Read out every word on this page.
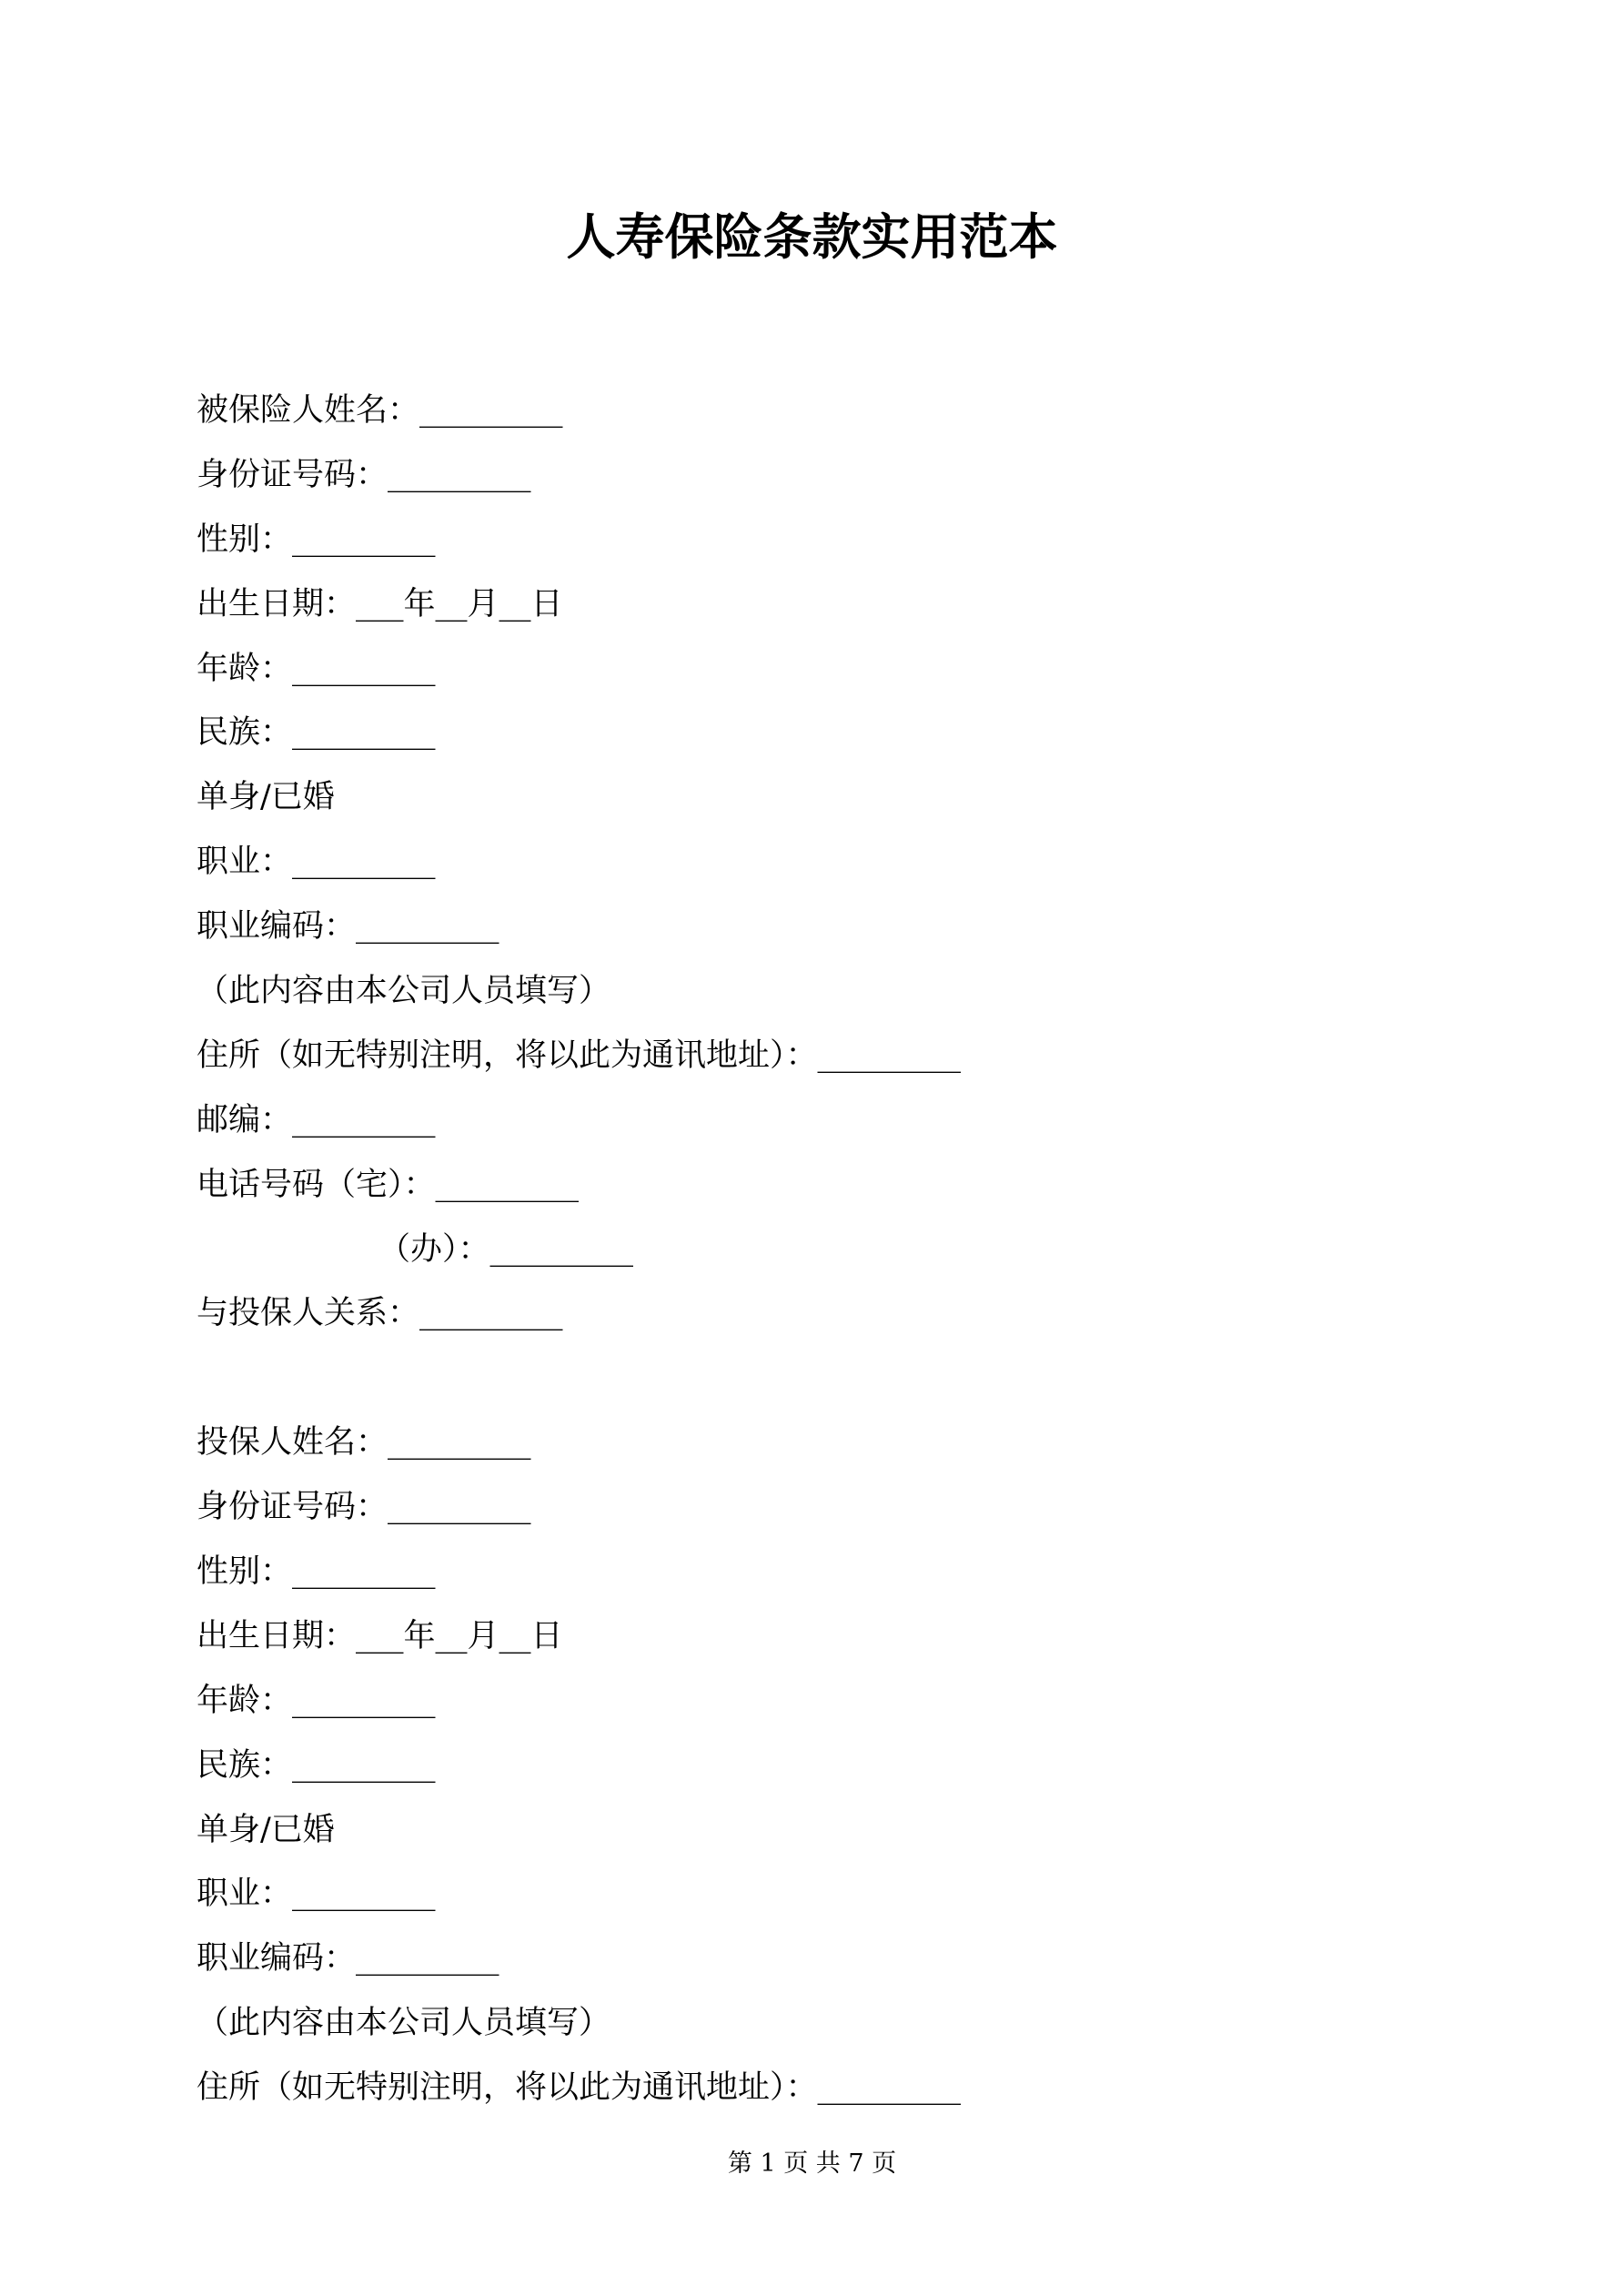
人寿保险条款实用范本
被保险人姓名：_________
身份证号码：_________
性别：_________
出生日期：___年__月__日
年龄：_________
民族：_________
单身/已婚
职业：_________
职业编码：_________
（此内容由本公司人员填写）
住所（如无特别注明，将以此为通讯地址）：_________
邮编：_________
电话号码（宅）：_________
（办）：_________
与投保人关系：_________
投保人姓名：_________
身份证号码：_________
性别：_________
出生日期：___年__月__日
年龄：_________
民族：_________
单身/已婚
职业：_________
职业编码：_________
（此内容由本公司人员填写）
住所（如无特别注明，将以此为通讯地址）：_________
第 1 页 共 7 页
